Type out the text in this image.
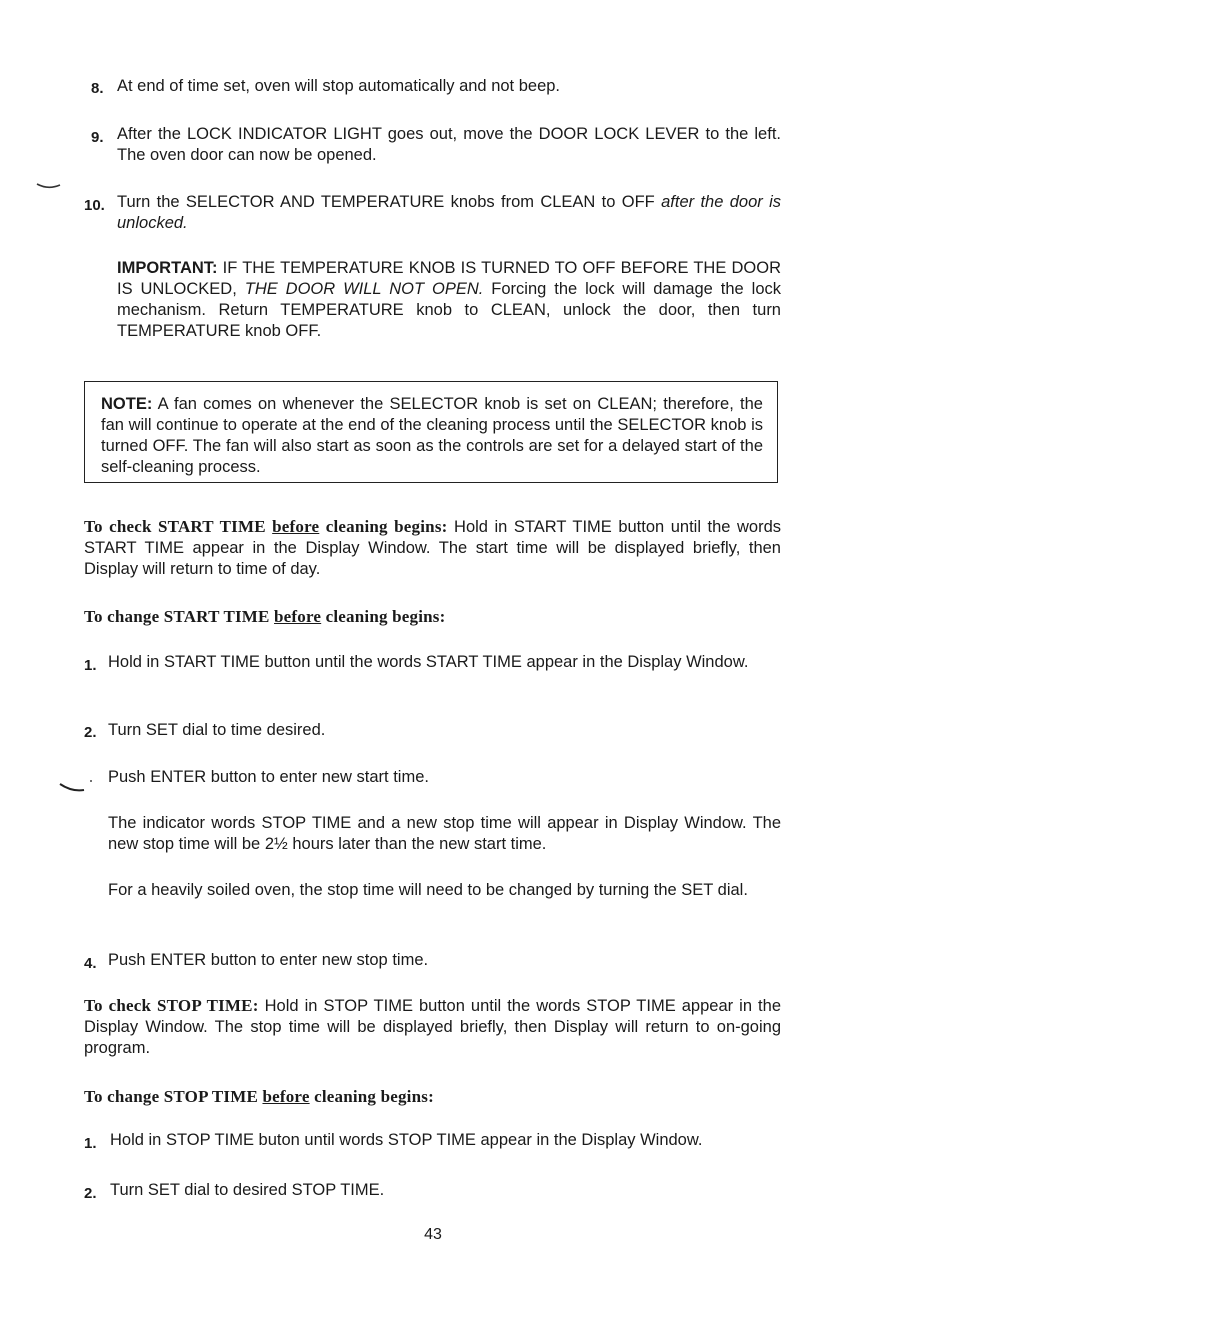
8. At end of time set, oven will stop automatically and not beep.
9. After the LOCK INDICATOR LIGHT goes out, move the DOOR LOCK LEVER to the left. The oven door can now be opened.
10. Turn the SELECTOR AND TEMPERATURE knobs from CLEAN to OFF after the door is unlocked.
IMPORTANT: IF THE TEMPERATURE KNOB IS TURNED TO OFF BEFORE THE DOOR IS UNLOCKED, THE DOOR WILL NOT OPEN. Forcing the lock will damage the lock mechanism. Return TEMPERATURE knob to CLEAN, unlock the door, then turn TEMPERATURE knob OFF.
NOTE: A fan comes on whenever the SELECTOR knob is set on CLEAN; therefore, the fan will continue to operate at the end of the cleaning process until the SELECTOR knob is turned OFF. The fan will also start as soon as the controls are set for a delayed start of the self-cleaning process.
To check START TIME before cleaning begins: Hold in START TIME button until the words START TIME appear in the Display Window. The start time will be displayed briefly, then Display will return to time of day.
To change START TIME before cleaning begins:
1. Hold in START TIME button until the words START TIME appear in the Display Window.
2. Turn SET dial to time desired.
Push ENTER button to enter new start time.
The indicator words STOP TIME and a new stop time will appear in Display Window. The new stop time will be 2½ hours later than the new start time.
For a heavily soiled oven, the stop time will need to be changed by turning the SET dial.
4. Push ENTER button to enter new stop time.
To check STOP TIME: Hold in STOP TIME button until the words STOP TIME appear in the Display Window. The stop time will be displayed briefly, then Display will return to on-going program.
To change STOP TIME before cleaning begins:
1. Hold in STOP TIME buton until words STOP TIME appear in the Display Window.
2. Turn SET dial to desired STOP TIME.
43
